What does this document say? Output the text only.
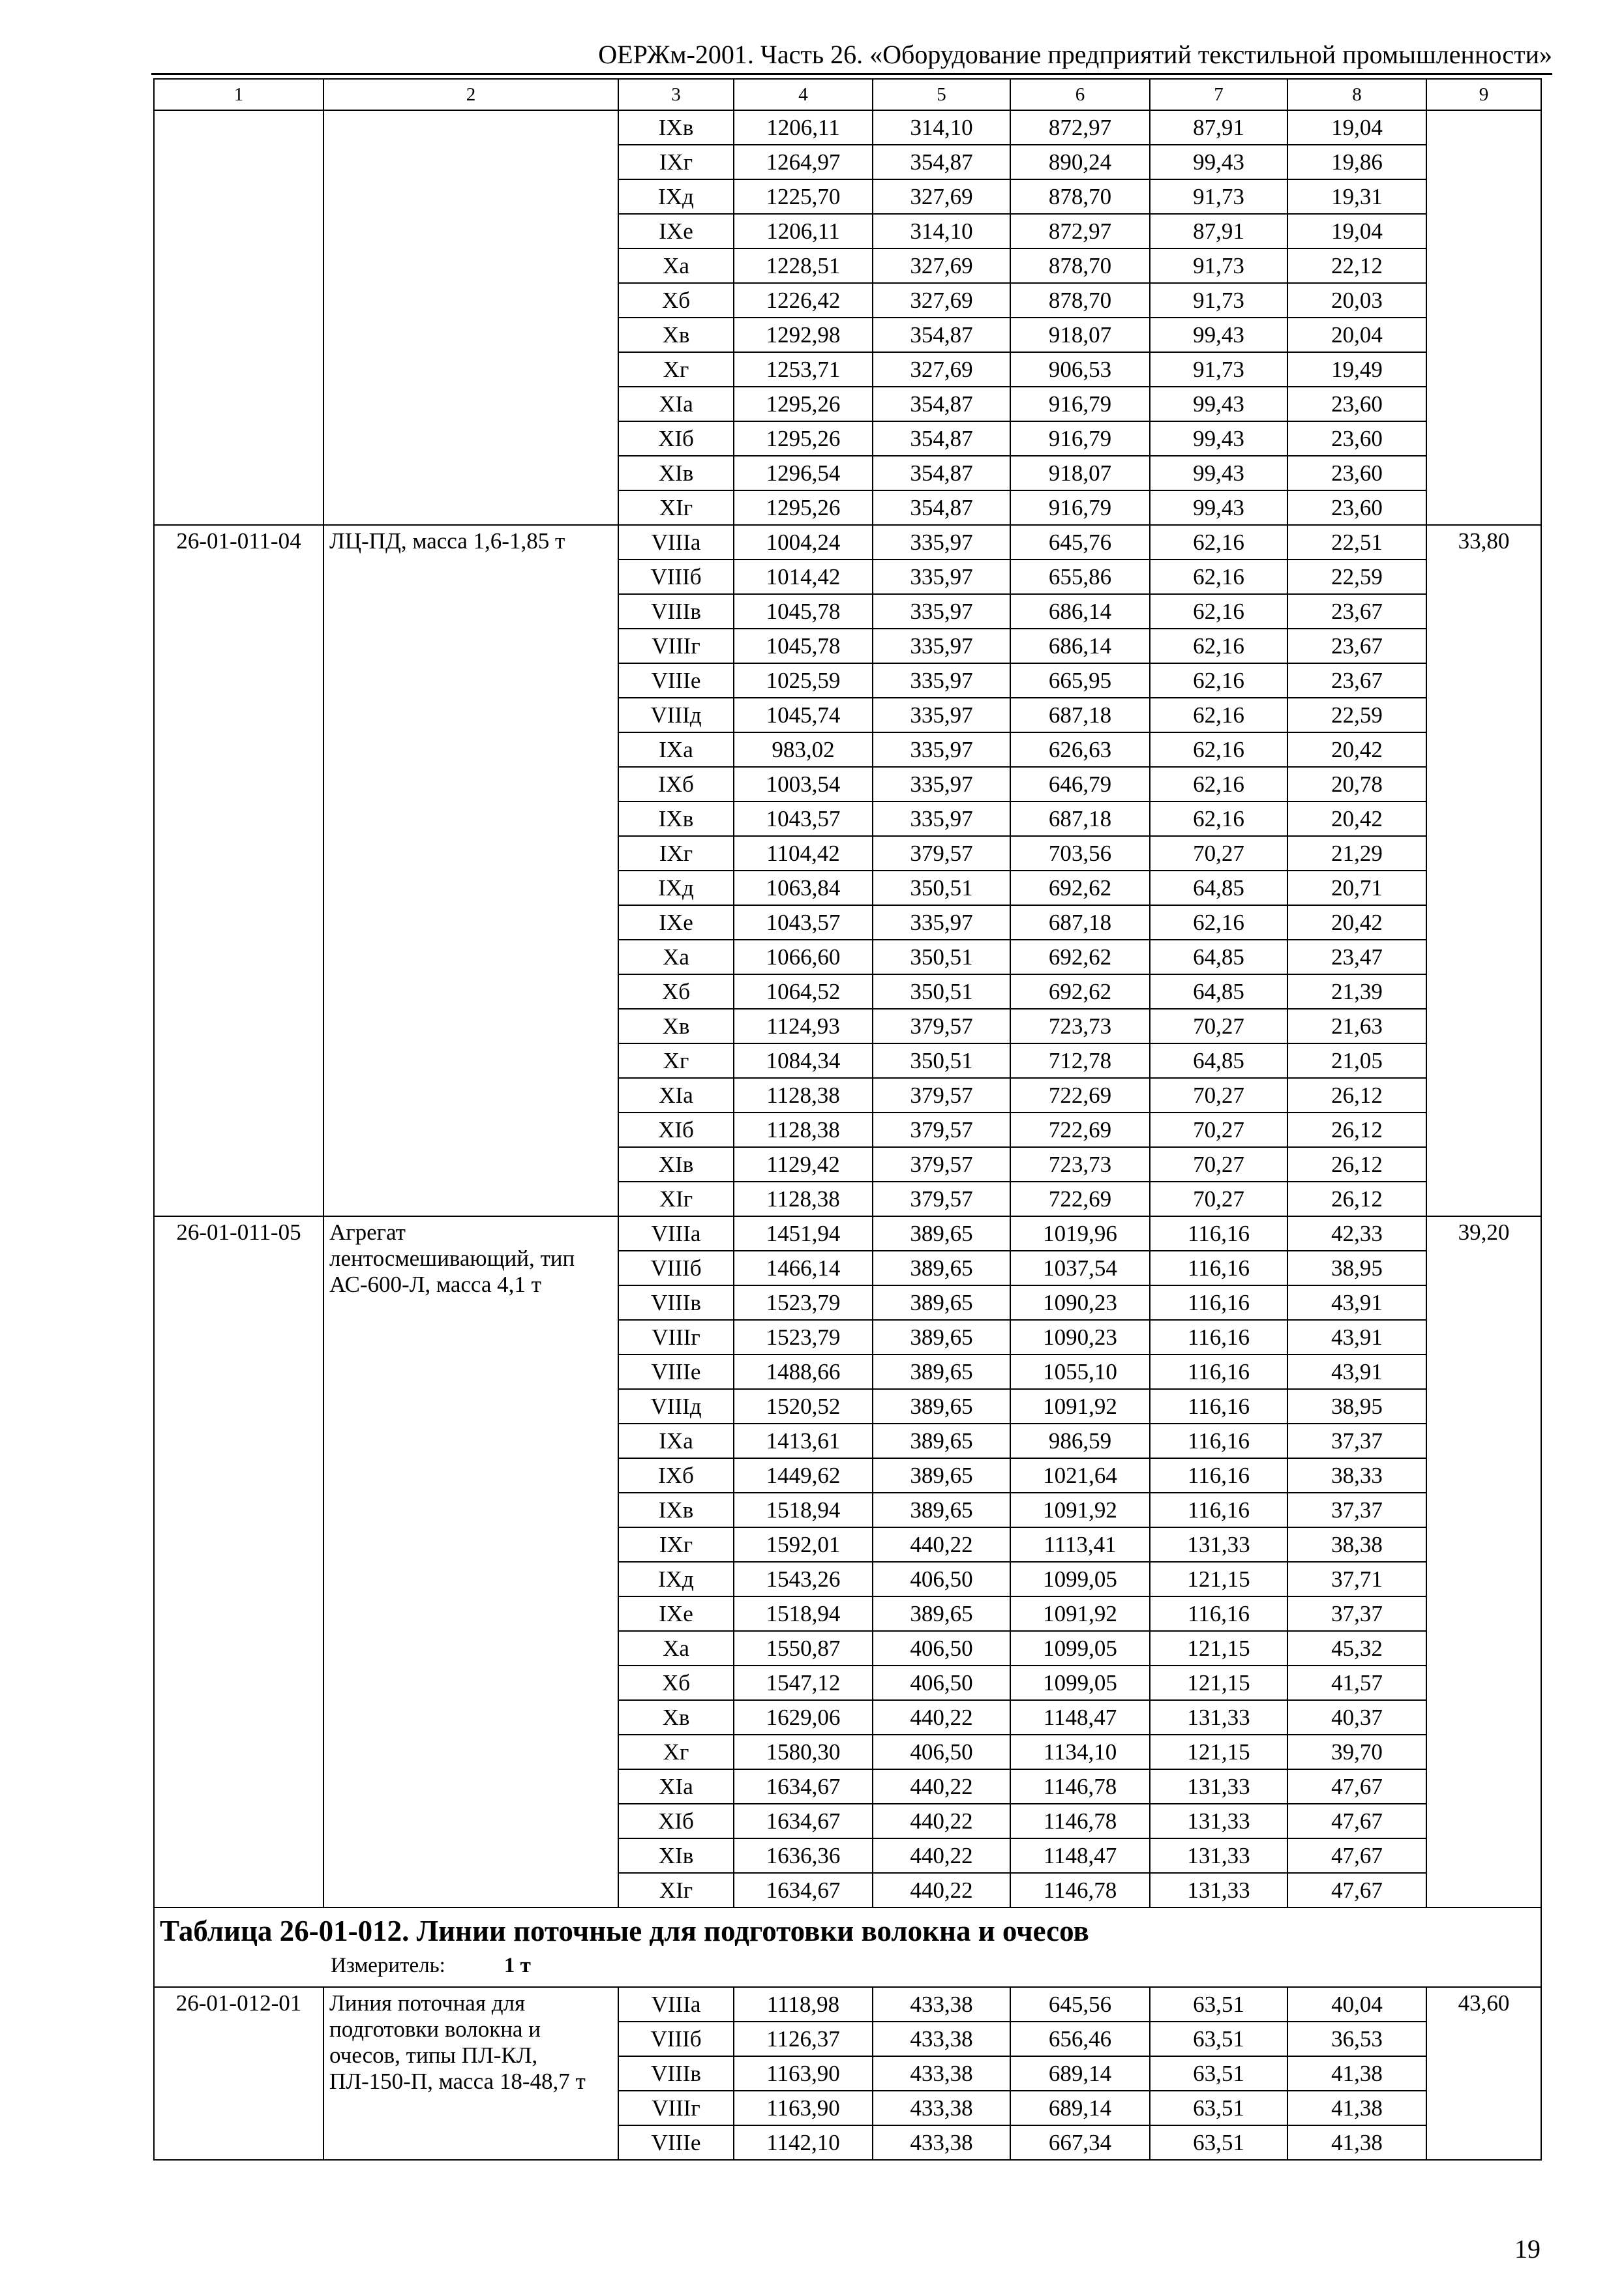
ОЕРЖм-2001. Часть 26. «Оборудование предприятий текстильной промышленности»
1	2	3	4	5	6	7	8	9
		IXв	1206,11	314,10	872,97	87,91	19,04	
		IXг	1264,97	354,87	890,24	99,43	19,86	
		IXд	1225,70	327,69	878,70	91,73	19,31	
		IXе	1206,11	314,10	872,97	87,91	19,04	
		Xа	1228,51	327,69	878,70	91,73	22,12	
		Xб	1226,42	327,69	878,70	91,73	20,03	
		Xв	1292,98	354,87	918,07	99,43	20,04	
		Xг	1253,71	327,69	906,53	91,73	19,49	
		XIа	1295,26	354,87	916,79	99,43	23,60	
		XIб	1295,26	354,87	916,79	99,43	23,60	
		XIв	1296,54	354,87	918,07	99,43	23,60	
		XIг	1295,26	354,87	916,79	99,43	23,60	
26-01-011-04	ЛЦ-ПД, масса 1,6-1,85 т	VIIIа	1004,24	335,97	645,76	62,16	22,51	33,80
		VIIIб	1014,42	335,97	655,86	62,16	22,59	
		VIIIв	1045,78	335,97	686,14	62,16	23,67	
		VIIIг	1045,78	335,97	686,14	62,16	23,67	
		VIIIе	1025,59	335,97	665,95	62,16	23,67	
		VIIIд	1045,74	335,97	687,18	62,16	22,59	
		IXа	983,02	335,97	626,63	62,16	20,42	
		IXб	1003,54	335,97	646,79	62,16	20,78	
		IXв	1043,57	335,97	687,18	62,16	20,42	
		IXг	1104,42	379,57	703,56	70,27	21,29	
		IXд	1063,84	350,51	692,62	64,85	20,71	
		IXе	1043,57	335,97	687,18	62,16	20,42	
		Xа	1066,60	350,51	692,62	64,85	23,47	
		Xб	1064,52	350,51	692,62	64,85	21,39	
		Xв	1124,93	379,57	723,73	70,27	21,63	
		Xг	1084,34	350,51	712,78	64,85	21,05	
		XIа	1128,38	379,57	722,69	70,27	26,12	
		XIб	1128,38	379,57	722,69	70,27	26,12	
		XIв	1129,42	379,57	723,73	70,27	26,12	
		XIг	1128,38	379,57	722,69	70,27	26,12	
26-01-011-05	Агрегат лентосмешивающий, тип АС-600-Л, масса 4,1 т	VIIIа	1451,94	389,65	1019,96	116,16	42,33	39,20
		VIIIб	1466,14	389,65	1037,54	116,16	38,95	
		VIIIв	1523,79	389,65	1090,23	116,16	43,91	
		VIIIг	1523,79	389,65	1090,23	116,16	43,91	
		VIIIе	1488,66	389,65	1055,10	116,16	43,91	
		VIIIд	1520,52	389,65	1091,92	116,16	38,95	
		IXа	1413,61	389,65	986,59	116,16	37,37	
		IXб	1449,62	389,65	1021,64	116,16	38,33	
		IXв	1518,94	389,65	1091,92	116,16	37,37	
		IXг	1592,01	440,22	1113,41	131,33	38,38	
		IXд	1543,26	406,50	1099,05	121,15	37,71	
		IXе	1518,94	389,65	1091,92	116,16	37,37	
		Xа	1550,87	406,50	1099,05	121,15	45,32	
		Xб	1547,12	406,50	1099,05	121,15	41,57	
		Xв	1629,06	440,22	1148,47	131,33	40,37	
		Xг	1580,30	406,50	1134,10	121,15	39,70	
		XIа	1634,67	440,22	1146,78	131,33	47,67	
		XIб	1634,67	440,22	1146,78	131,33	47,67	
		XIв	1636,36	440,22	1148,47	131,33	47,67	
		XIг	1634,67	440,22	1146,78	131,33	47,67	

Таблица 26-01-012. Линии поточные для подготовки волокна и очесов
Измеритель: 1 т								

26-01-012-01	Линия поточная для подготовки волокна и очесов, типы ПЛ-КЛ, ПЛ-150-П, масса 18-48,7 т	VIIIа	1118,98	433,38	645,56	63,51	40,04	43,60
		VIIIб	1126,37	433,38	656,46	63,51	36,53	
		VIIIв	1163,90	433,38	689,14	63,51	41,38	
		VIIIг	1163,90	433,38	689,14	63,51	41,38	
		VIIIе	1142,10	433,38	667,34	63,51	41,38	
19
